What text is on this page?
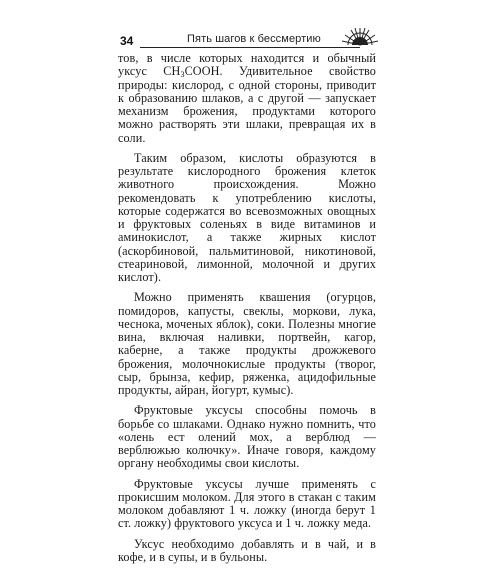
34	Пять шагов к бессмертию

тов, в числе которых находится и обычный уксус $СН_3СООН$. Удивительное свойство природы: кислород, с одной стороны, приводит к образованию шлаков, а с другой — запускает механизм брожения, продуктами которого можно растворять эти шлаки, превращая их в соли.

Таким образом, кислоты образуются в результате кислородного брожения клеток животного происхождения. Можно рекомендовать к употреблению кислоты, которые содержатся во всевозможных овощных и фруктовых соленьях в виде витаминов и аминокислот, а также жирных кислот (аскорбиновой, пальмитиновой, никотиновой, стеариновой, лимонной, молочной и других кислот).

Можно применять квашения (огурцов, помидоров, капусты, свеклы, моркови, лука, чеснока, моченых яблок), соки. Полезны многие вина, включая наливки, портвейн, кагор, каберне, а также продукты дрожжевого брожения, молочнокислые продукты (творог, сыр, брынза, кефир, ряженка, ацидофильные продукты, айран, йогурт, кумыс).

Фруктовые уксусы способны помочь в борьбе со шлаками. Однако нужно помнить, что «олень ест олений мох, а верблюд — верблюжью колючку». Иначе говоря, каждому органу необходимы свои кислоты.

Фруктовые уксусы лучше применять с прокисшим молоком. Для этого в стакан с таким молоком добавляют 1 ч. ложку (иногда берут 1 ст. ложку) фруктового уксуса и 1 ч. ложку меда.

Уксус необходимо добавлять и в чай, и в кофе, и в супы, и в бульоны.
